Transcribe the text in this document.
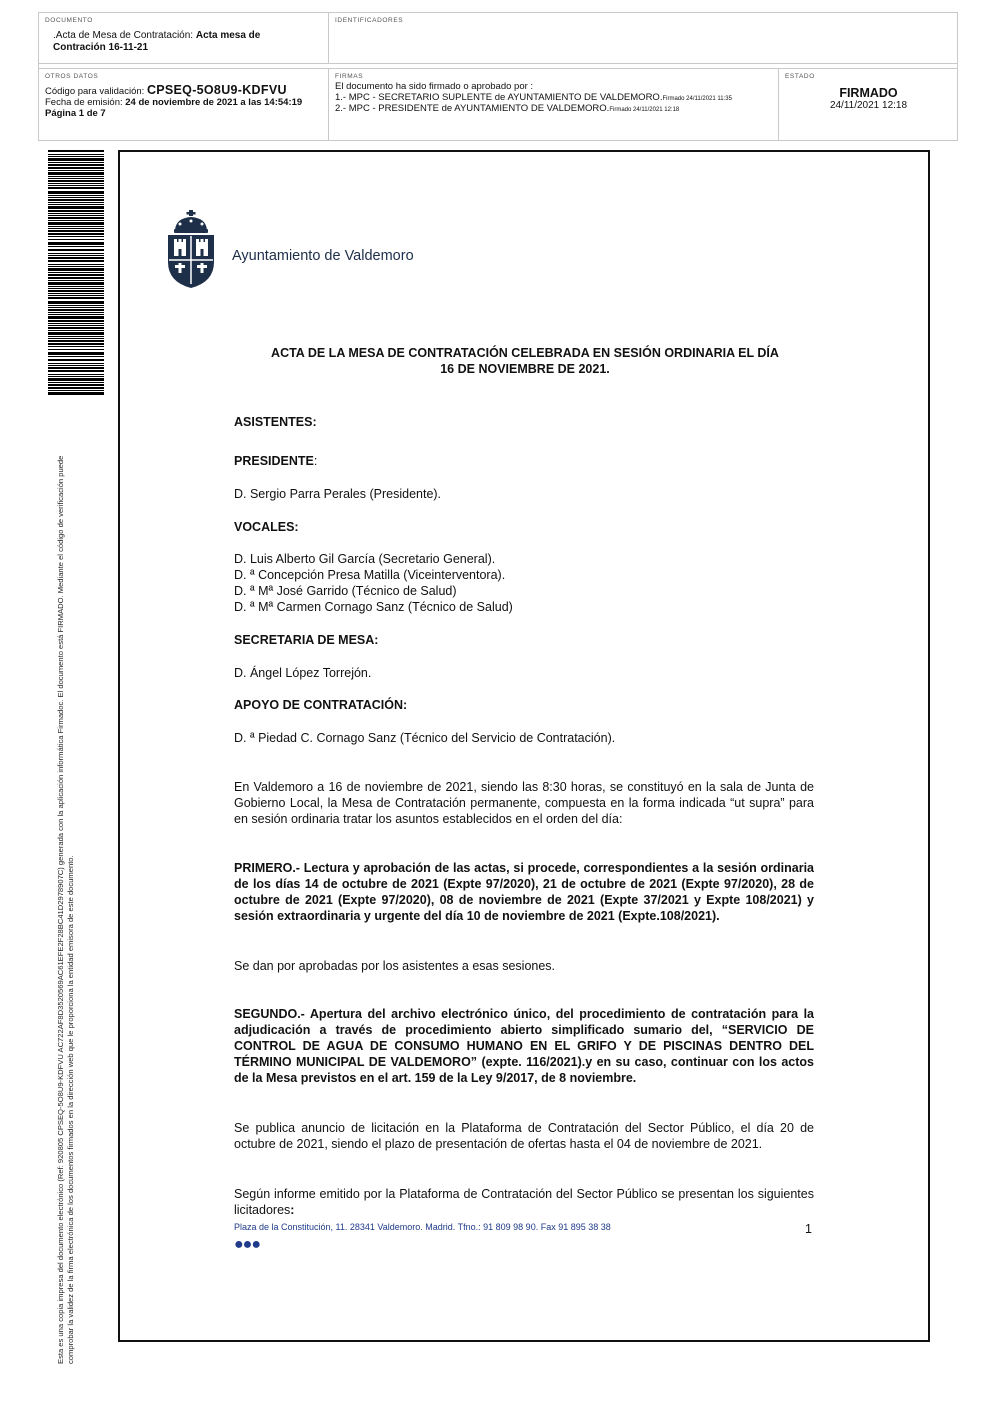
DOCUMENTO
.Acta de Mesa de Contratación: Acta mesa de
Contración 16-11-21
IDENTIFICADORES
OTROS DATOS
Código para validación: CPSEQ-5O8U9-KDFVU
Fecha de emisión: 24 de noviembre de 2021 a las 14:54:19
Página 1 de 7
FIRMAS
El documento ha sido firmado o aprobado por :
1.- MPC - SECRETARIO SUPLENTE de AYUNTAMIENTO DE VALDEMORO.Firmado 24/11/2021 11:35
2.- MPC - PRESIDENTE de AYUNTAMIENTO DE VALDEMORO.Firmado 24/11/2021 12:18
ESTADO
FIRMADO
24/11/2021 12:18
Esta es una copia impresa del documento electrónico (Ref: 920805 CPSEQ-5O8U9-KDFVU AC722AF8D3520569AC61EFE2F28BC41D2978907C) generada con la aplicación informática Firmadoc. El documento está FIRMADO. Mediante el código de verificación puede comprobar la validez de la firma electrónica de los documentos firmados en la dirección web que le proporciona la entidad emisora de este documento.
Ayuntamiento de Valdemoro
ACTA DE LA MESA DE CONTRATACIÓN CELEBRADA EN SESIÓN ORDINARIA EL DÍA
16 DE NOVIEMBRE DE 2021.
ASISTENTES:
PRESIDENTE:
D. Sergio Parra Perales (Presidente).
VOCALES:

D. Luis Alberto Gil García (Secretario General).

D. ª Concepción Presa Matilla (Viceinterventora).

D. ª Mª José Garrido (Técnico de Salud)

D. ª Mª Carmen Cornago Sanz (Técnico de Salud)

SECRETARIA DE MESA:
D. Ángel López Torrejón.
APOYO DE CONTRATACIÓN:
D. ª Piedad C. Cornago Sanz (Técnico del Servicio de Contratación).
En Valdemoro a 16 de noviembre de 2021, siendo las 8:30 horas, se constituyó en la sala de Junta de Gobierno Local, la Mesa de Contratación permanente, compuesta en la forma indicada “ut supra” para en sesión ordinaria tratar los asuntos establecidos en el orden del día:
PRIMERO.- Lectura y aprobación de las actas, si procede, correspondientes a la sesión ordinaria de los días 14 de octubre de 2021 (Expte 97/2020), 21 de octubre de 2021 (Expte 97/2020), 28 de octubre de 2021 (Expte 97/2020), 08 de noviembre de 2021 (Expte 37/2021 y Expte 108/2021) y sesión extraordinaria y urgente del día 10 de noviembre de 2021 (Expte.108/2021).
Se dan por aprobadas por los asistentes a esas sesiones.
SEGUNDO.- Apertura del archivo electrónico único, del procedimiento de contratación para la adjudicación a través de procedimiento abierto simplificado sumario del, “SERVICIO DE CONTROL DE AGUA DE CONSUMO HUMANO EN EL GRIFO Y DE PISCINAS DENTRO DEL TÉRMINO MUNICIPAL DE VALDEMORO” (expte. 116/2021).y en su caso, continuar con los actos de la Mesa previstos en el art. 159 de la Ley 9/2017, de 8 noviembre.
Se publica anuncio de licitación en la Plataforma de Contratación del Sector Público, el día 20 de octubre de 2021, siendo el plazo de presentación de ofertas hasta el 04 de noviembre de 2021.
Según informe emitido por la Plataforma de Contratación del Sector Público se presentan los siguientes licitadores:
Plaza de la Constitución, 11. 28341 Valdemoro. Madrid. Tfno.: 91 809 98 90. Fax 91 895 38 38	1
●●●
